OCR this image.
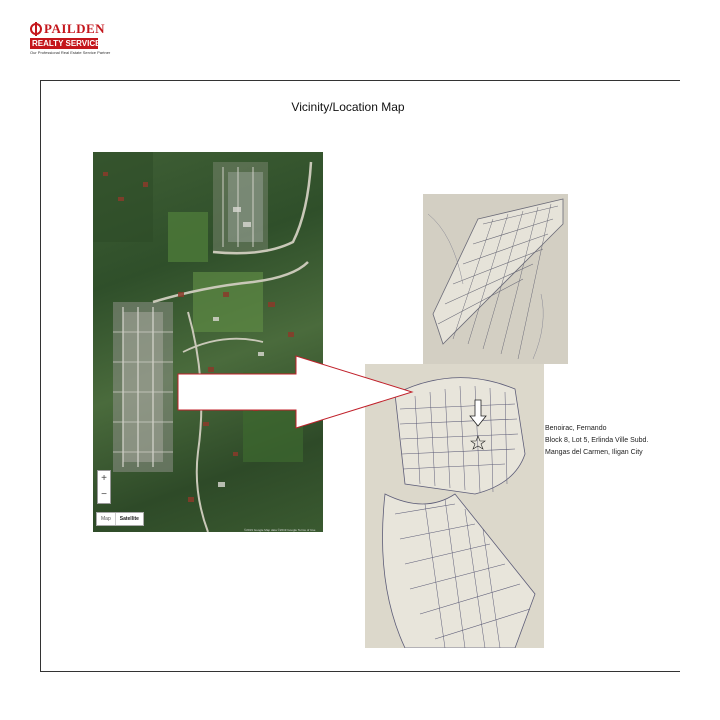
PAILDEN
REALTY SERVICES
Our Professional Real Estate Service Partner
Vicinity/Location Map
+
−
Map	Satellite
©2019 Google Map data ©2019 Google Terms of Use
Benoirac, Fernando
Block 8, Lot 5, Erlinda Ville Subd.
Mangas del Carmen, Iligan City
